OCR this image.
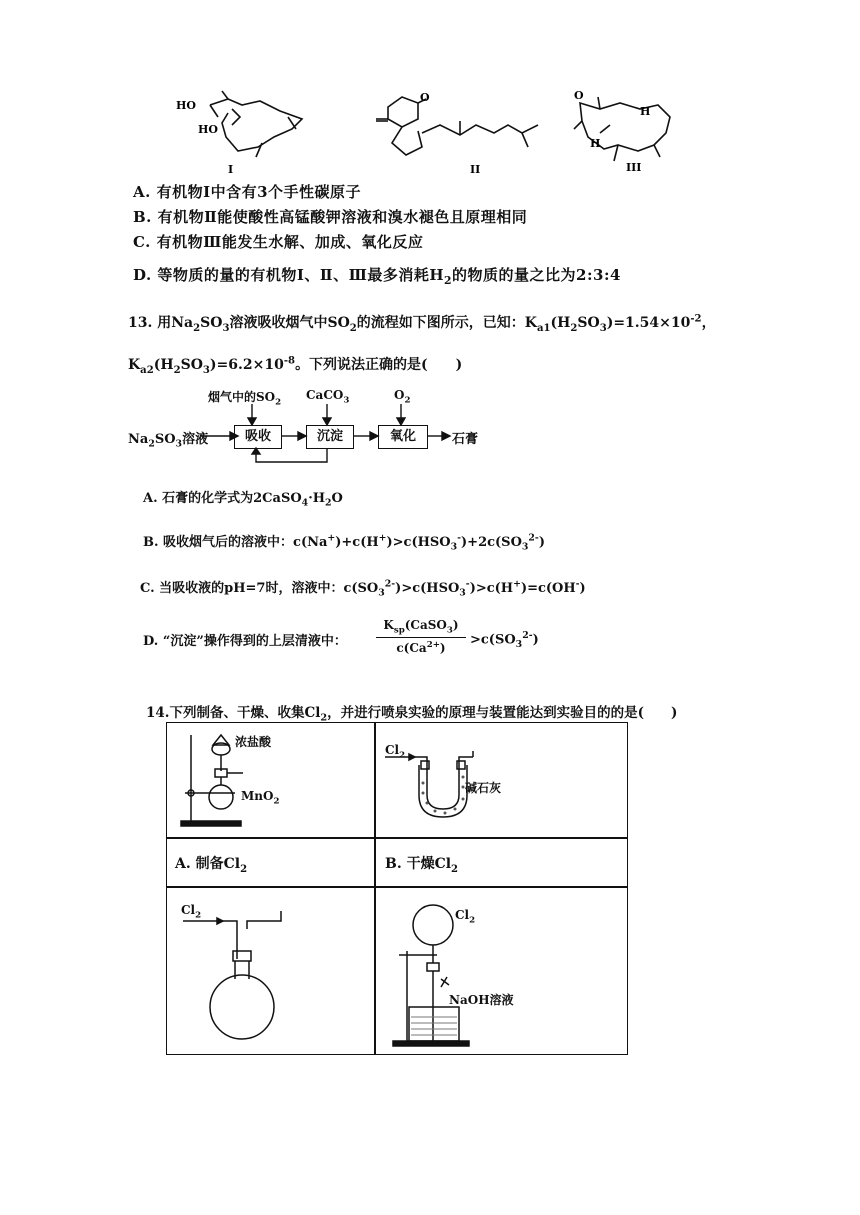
HO
HO
I
O
II
O
H
H
III
A. 有机物Ⅰ中含有3个手性碳原子
B. 有机物Ⅱ能使酸性高锰酸钾溶液和溴水褪色且原理相同
C. 有机物Ⅲ能发生水解、加成、氧化反应
D. 等物质的量的有机物Ⅰ、Ⅱ、Ⅲ最多消耗$H_2$的物质的量之比为2:3:4
13. 用$Na_2SO_3$溶液吸收烟气中$SO_2$的流程如下图所示，已知：$K_{a1}(H_2SO_3)=1.54\times 10^{-2}$，
$K_{a2}(H_2SO_3)=6.2\times 10^{-8}$。下列说法正确的是(　　)
$Na_2SO_3$溶液	吸收	沉淀	氧化	石膏
烟气中的$SO_2$
CaCO$_3$	$O_2$
A. 石膏的化学式为$2CaSO_4\cdot H_2O$
B. 吸收烟气后的溶液中：$c(Na^+)+c(H^+)>c(HSO_3^-)+2c(SO_3^{2-})$
C. 当吸收液的pH=7时，溶液中：$c(SO_3^{2-})>c(HSO_3^-)>c(H^+)=c(OH^-)$
D. “沉淀”操作得到的上层清液中：
$K_{sp}(CaSO_3)$
$c(Ca^{2+})$
$>c(SO_3^{2-})$
14.下列制备、干燥、收集$Cl_2$，并进行喷泉实验的原理与装置能达到实验目的的是(　　)
浓盐酸
MnO$_2$
$Cl_2$
碱石灰
A. 制备$Cl_2$	B. 干燥$Cl_2$
$Cl_2$	$Cl_2$
NaOH溶液
